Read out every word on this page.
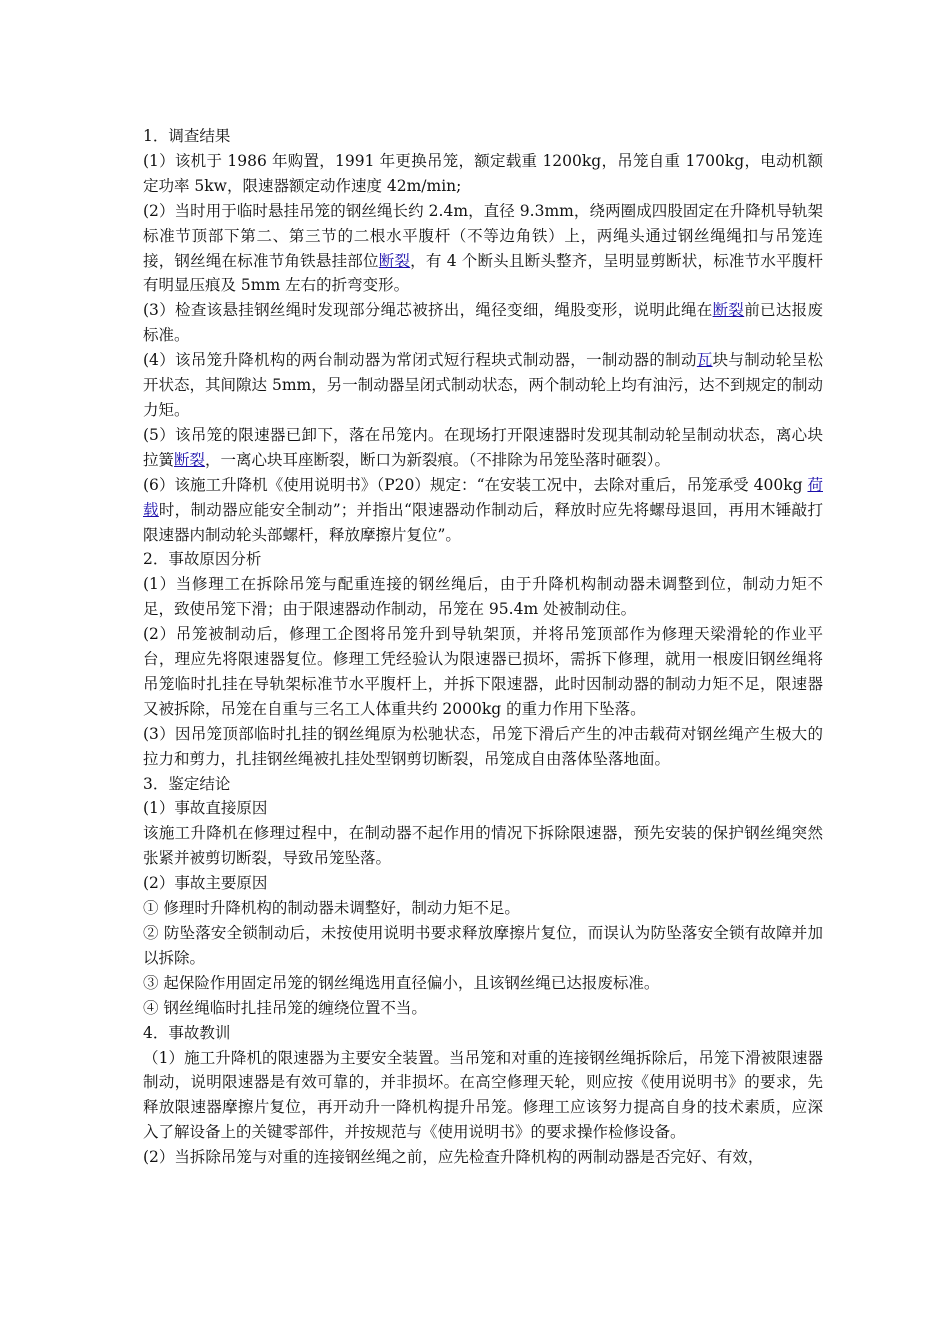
1．调查结果

(1）该机于 1986 年购置，1991 年更换吊笼，额定载重 1200kg，吊笼自重 1700kg，电动机额定功率 5kw，限速器额定动作速度 42m/min;

(2）当时用于临时悬挂吊笼的钢丝绳长约 2.4m，直径 9.3mm，绕两圈成四股固定在升降机导轨架标准节顶部下第二、第三节的二根水平腹杆（不等边角铁）上，两绳头通过钢丝绳绳扣与吊笼连接，钢丝绳在标准节角铁悬挂部位断裂，有 4 个断头且断头整齐，呈明显剪断状，标准节水平腹杆有明显压痕及 5mm 左右的折弯变形。

(3）检查该悬挂钢丝绳时发现部分绳芯被挤出，绳径变细，绳股变形，说明此绳在断裂前已达报废标准。

(4）该吊笼升降机构的两台制动器为常闭式短行程块式制动器，一制动器的制动瓦块与制动轮呈松开状态，其间隙达 5mm，另一制动器呈闭式制动状态，两个制动轮上均有油污，达不到规定的制动力矩。

(5）该吊笼的限速器已卸下，落在吊笼内。在现场打开限速器时发现其制动轮呈制动状态，离心块拉簧断裂，一离心块耳座断裂，断口为新裂痕。（不排除为吊笼坠落时砸裂）。

(6）该施工升降机《使用说明书》（P20）规定：“在安装工况中，去除对重后，吊笼承受 400kg 荷载时，制动器应能安全制动”；并指出“限速器动作制动后，释放时应先将螺母退回，再用木锤敲打限速器内制动轮头部螺杆，释放摩擦片复位”。

2．事故原因分析

(1）当修理工在拆除吊笼与配重连接的钢丝绳后，由于升降机构制动器未调整到位，制动力矩不足，致使吊笼下滑；由于限速器动作制动，吊笼在 95.4m 处被制动住。

(2）吊笼被制动后，修理工企图将吊笼升到导轨架顶，并将吊笼顶部作为修理天梁滑轮的作业平台，理应先将限速器复位。修理工凭经验认为限速器已损坏，需拆下修理，就用一根废旧钢丝绳将吊笼临时扎挂在导轨架标准节水平腹杆上，并拆下限速器，此时因制动器的制动力矩不足，限速器又被拆除，吊笼在自重与三名工人体重共约 2000kg 的重力作用下坠落。

(3）因吊笼顶部临时扎挂的钢丝绳原为松驰状态，吊笼下滑后产生的冲击载荷对钢丝绳产生极大的拉力和剪力，扎挂钢丝绳被扎挂处型钢剪切断裂，吊笼成自由落体坠落地面。

3．鉴定结论

(1）事故直接原因

该施工升降机在修理过程中，在制动器不起作用的情况下拆除限速器，预先安装的保护钢丝绳突然张紧并被剪切断裂，导致吊笼坠落。

(2）事故主要原因

① 修理时升降机构的制动器未调整好，制动力矩不足。

② 防坠落安全锁制动后，未按使用说明书要求释放摩擦片复位，而误认为防坠落安全锁有故障并加以拆除。

③ 起保险作用固定吊笼的钢丝绳选用直径偏小，且该钢丝绳已达报废标准。

④ 钢丝绳临时扎挂吊笼的缠绕位置不当。

4．事故教训

（1）施工升降机的限速器为主要安全装置。当吊笼和对重的连接钢丝绳拆除后，吊笼下滑被限速器制动，说明限速器是有效可靠的，并非损坏。在高空修理天轮，则应按《使用说明书》的要求，先释放限速器摩擦片复位，再开动升一降机构提升吊笼。修理工应该努力提高自身的技术素质，应深入了解设备上的关键零部件，并按规范与《使用说明书》的要求操作检修设备。

(2）当拆除吊笼与对重的连接钢丝绳之前，应先检查升降机构的两制动器是否完好、有效，
